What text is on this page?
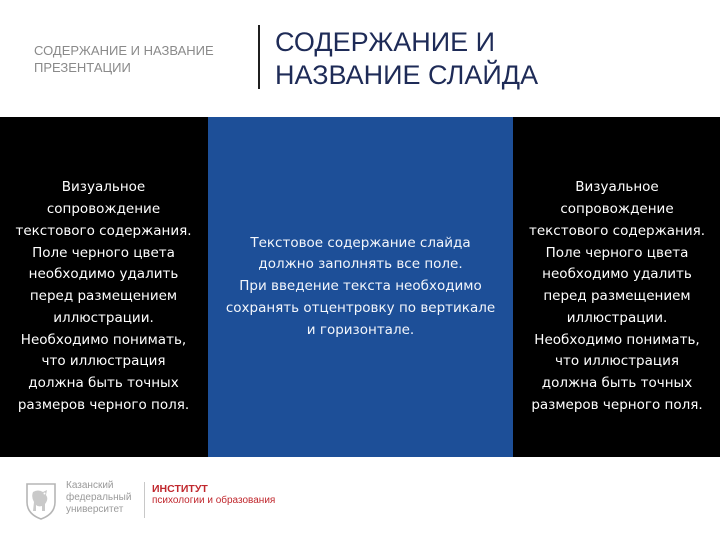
СОДЕРЖАНИЕ И НАЗВАНИЕ
ПРЕЗЕНТАЦИИ
СОДЕРЖАНИЕ И
НАЗВАНИЕ СЛАЙДА
Визуальное
сопровождение
текстового содержания.
Поле черного цвета
необходимо удалить
перед размещением
иллюстрации.
Необходимо понимать,
что иллюстрация
должна быть точных
размеров черного поля.
Текстовое содержание слайда
должно заполнять все поле.
При введение текста необходимо
сохранять отцентровку по вертикале
и горизонтале.
Визуальное
сопровождение
текстового содержания.
Поле черного цвета
необходимо удалить
перед размещением
иллюстрации.
Необходимо понимать,
что иллюстрация
должна быть точных
размеров черного поля.
Казанский
федеральный
университет
ИНСТИТУТ
психологии и образования
